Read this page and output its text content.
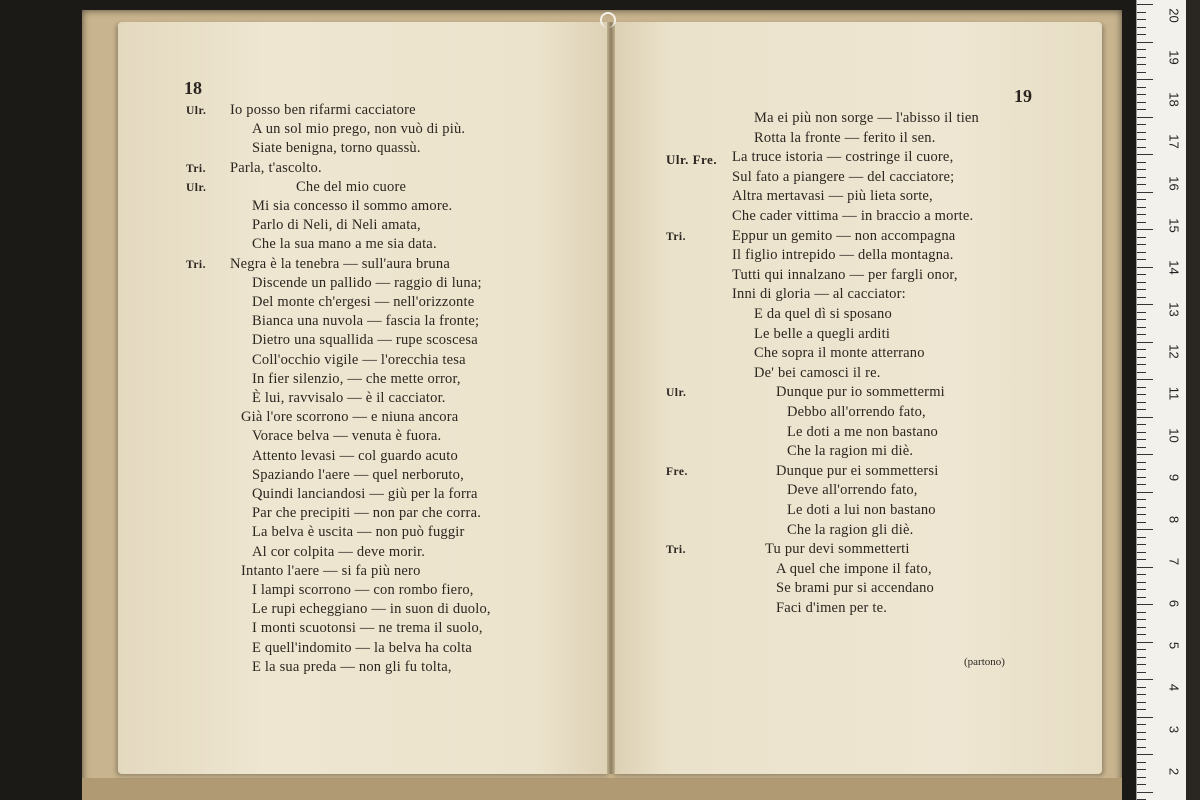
18
Ulr. Io posso ben rifarmi cacciatore
A un sol mio prego, non vuò di più.
Siate benigna, torno quassù.
Tri. Parla, t'ascolto.
Ulr.	Che del mio cuore
Mi sia concesso il sommo amore.
Parlo di Neli, di Neli amata,
Che la sua mano a me sia data.
Tri. Negra è la tenebra — sull'aura bruna
Discende un pallido — raggio di luna;
Del monte ch'ergesi — nell'orizzonte
Bianca una nuvola — fascia la fronte;
Dietro una squallida — rupe scoscesa
Coll'occhio vigile — l'orecchia tesa
In fier silenzio, — che mette orror,
È lui, ravvisalo — è il cacciator.
Già l'ore scorrono — e niuna ancora
Vorace belva — venuta è fuora.
Attento levasi — col guardo acuto
Spaziando l'aere — quel nerboruto,
Quindi lanciandosi — giù per la forra
Par che precipiti — non par che corra.
La belva è uscita — non può fuggir
Al cor colpita — deve morir.
Intanto l'aere — si fa più nero
I lampi scorrono — con rombo fiero,
Le rupi echeggiano — in suon di duolo,
I monti scuotonsi — ne trema il suolo,
E quell'indomito — la belva ha colta
E la sua preda — non gli fu tolta,
19
Ma ei più non sorge — l'abisso il tien
Rotta la fronte — ferito il sen.
Ulr. Fre. La truce istoria — costringe il cuore,
Sul fato a piangere — del cacciatore;
Altra mertavasi — più lieta sorte,
Che cader vittima — in braccio a morte.
Tri.	Eppur un gemito — non accompagna
Il figlio intrepido — della montagna.
Tutti qui innalzano — per fargli onor,
Inni di gloria — al cacciator:
E da quel dì si sposano
Le belle a quegli arditi
Che sopra il monte atterrano
De' bei camosci il re.
Ulr.	Dunque pur io sommettermi
Debbo all'orrendo fato,
Le doti a me non bastano
Che la ragion mi diè.
Fre.	Dunque pur ei sommettersi
Deve all'orrendo fato,
Le doti a lui non bastano
Che la ragion gli diè.
Tri.	Tu pur devi sommetterti
A quel che impone il fato,
Se brami pur si accendano
Faci d'imen per te.
(partono)
20
19
18
17
16
15
14
13
12
11
10
9
8
7
6
5
4
3
2
